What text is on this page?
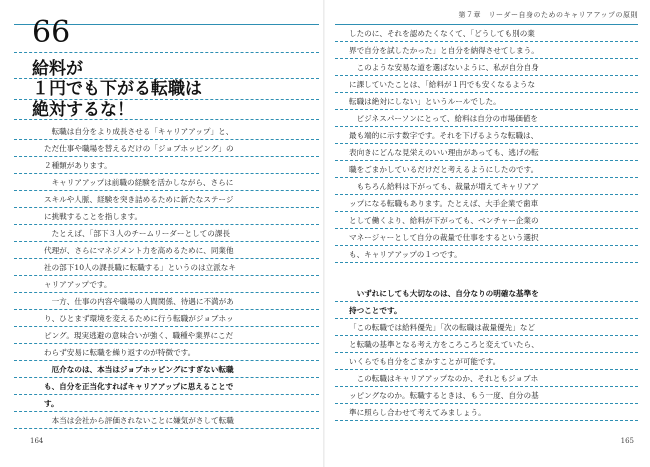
66
給料が
１円でも下がる転職は
絶対するな！
　転職は自分をより成長させる「キャリアアップ」と、
ただ仕事や職場を替えるだけの「ジョブホッピング」の
２種類があります。
　キャリアアップは前職の経験を活かしながら、さらに
スキルや人脈、経験を突き詰めるために新たなステージ
に挑戦することを指します。
　たとえば、「部下３人のチームリーダーとしての課長
代理が、さらにマネジメント力を高めるために、同業他
社の部下10人の課長職に転職する」というのは立派なキ
ャリアアップです。
　一方、仕事の内容や職場の人間関係、待遇に不満があ
り、ひとまず環境を変えるために行う転職がジョブホッ
ピング。現実逃避の意味合いが強く、職種や業界にこだ
わらず安易に転職を繰り返すのが特徴です。
　厄介なのは、本当はジョブホッピングにすぎない転職
も、自分を正当化すればキャリアアップに思えることで
す。
　本当は会社から評価されないことに嫌気がさして転職
164
第７章　リーダー自身のためのキャリアアップの原則
したのに、それを認めたくなくて、「どうしても別の業
界で自分を試したかった」と自分を納得させてしまう。
　このような安易な道を選ばないように、私が自分自身
に課していたことは、「給料が１円でも安くなるような
転職は絶対にしない」というルールでした。
　ビジネスパーソンにとって、給料は自分の市場価値を
最も端的に示す数字です。それを下げるような転職は、
表向きにどんな見栄えのいい理由があっても、逃げの転
職をごまかしているだけだと考えるようにしたのです。
　もちろん給料は下がっても、裁量が増えてキャリアア
ップになる転職もあります。たとえば、大手企業で歯車
として働くより、給料が下がっても、ベンチャー企業の
マネージャーとして自分の裁量で仕事をするという選択
も、キャリアアップの１つです。
　いずれにしても大切なのは、自分なりの明確な基準を
持つことです。
「この転職では給料優先」「次の転職は裁量優先」など
と転職の基準となる考え方をころころと変えていたら、
いくらでも自分をごまかすことが可能です。
　この転職はキャリアアップなのか、それともジョブホ
ッピングなのか。転職するときは、もう一度、自分の基
準に照らし合わせて考えてみましょう。
165
